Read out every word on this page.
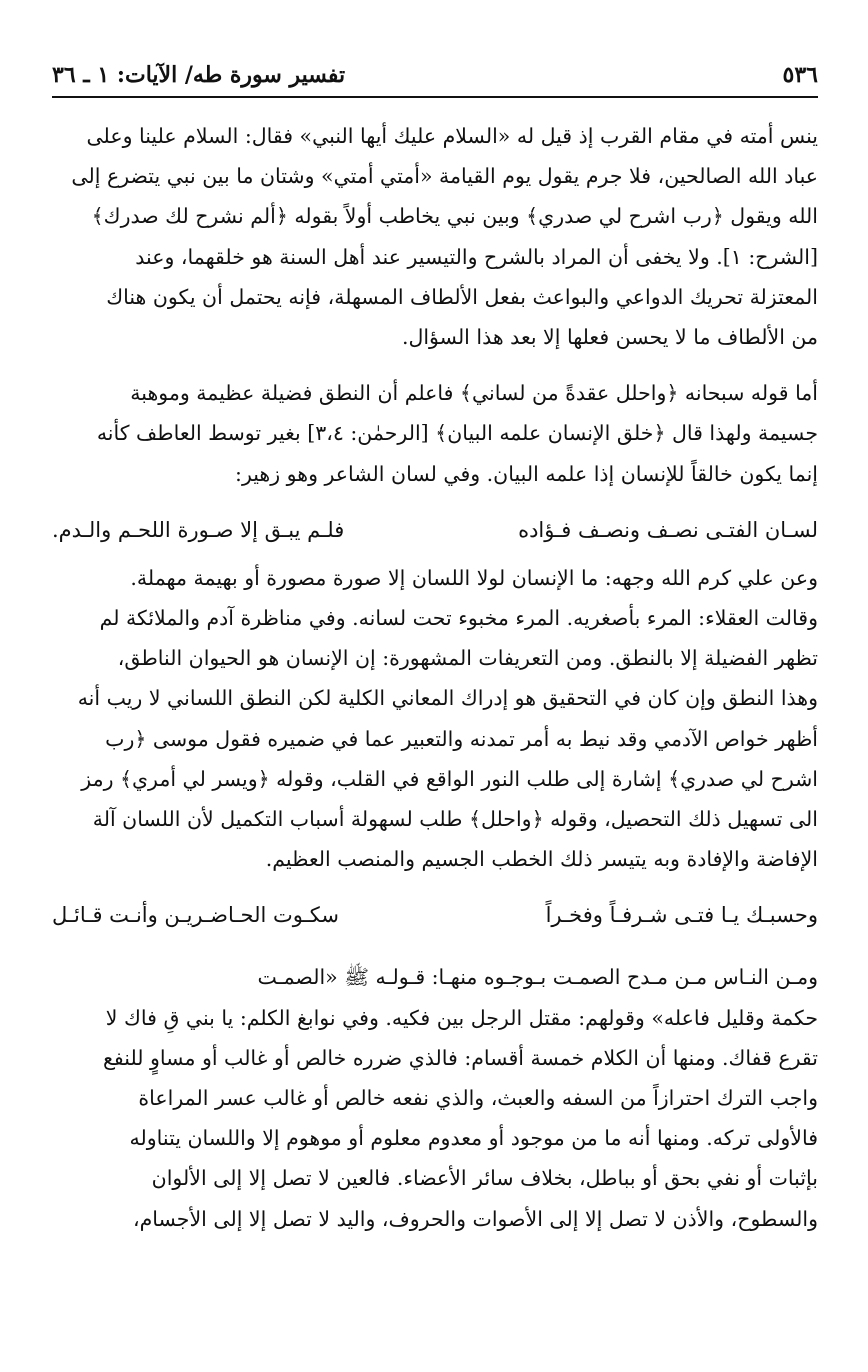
٥٣٦
تفسير سورة طه/ الآيات: ١ ـ ٣٦

ينس أمته في مقام القرب إذ قيل له «السلام عليك أيها النبي» فقال: السلام علينا وعلى

عباد الله الصالحين، فلا جرم يقول يوم القيامة «أمتي أمتي» وشتان ما بين نبي يتضرع إلى

الله ويقول ﴿رب اشرح لي صدري﴾ وبين نبي يخاطب أولاً بقوله ﴿ألم نشرح لك صدرك﴾

[الشرح: ١]. ولا يخفى أن المراد بالشرح والتيسير عند أهل السنة هو خلقهما، وعند

المعتزلة تحريك الدواعي والبواعث بفعل الألطاف المسهلة، فإنه يحتمل أن يكون هناك

من الألطاف ما لا يحسن فعلها إلا بعد هذا السؤال.

أما قوله سبحانه ﴿واحلل عقدةً من لساني﴾ فاعلم أن النطق فضيلة عظيمة وموهبة

جسيمة ولهذا قال ﴿خلق الإنسان علمه البيان﴾ [الرحمٰن: ٣،٤] بغير توسط العاطف كأنه

إنما يكون خالقاً للإنسان إذا علمه البيان. وفي لسان الشاعر وهو زهير:

لسـان الفتـى نصـف ونصـف فـؤاده
فلـم يبـق إلا صـورة اللحـم والـدم.

وعن علي كرم الله وجهه: ما الإنسان لولا اللسان إلا صورة مصورة أو بهيمة مهملة.

وقالت العقلاء: المرء بأصغريه. المرء مخبوء تحت لسانه. وفي مناظرة آدم والملائكة لم

تظهر الفضيلة إلا بالنطق. ومن التعريفات المشهورة: إن الإنسان هو الحيوان الناطق،

وهذا النطق وإن كان في التحقيق هو إدراك المعاني الكلية لكن النطق اللساني لا ريب أنه

أظهر خواص الآدمي وقد نيط به أمر تمدنه والتعبير عما في ضميره فقول موسى ﴿رب

اشرح لي صدري﴾ إشارة إلى طلب النور الواقع في القلب، وقوله ﴿ويسر لي أمري﴾ رمز

الى تسهيل ذلك التحصيل، وقوله ﴿واحلل﴾ طلب لسهولة أسباب التكميل لأن اللسان آلة

الإفاضة والإفادة وبه يتيسر ذلك الخطب الجسيم والمنصب العظيم.

وحسبـك يـا فتـى شـرفـاً وفخـراً
سكـوت الحـاضـريـن وأنـت قـائـل

ومـن النـاس مـن مـدح الصمـت بـوجـوه منهـا: قـولـه ﷺ «الصمـت

حكمة وقليل فاعله» وقولهم: مقتل الرجل بين فكيه. وفي نوابغ الكلم: يا بني قِ فاك لا

تقرع قفاك. ومنها أن الكلام خمسة أقسام: فالذي ضرره خالص أو غالب أو مساوٍ للنفع

واجب الترك احترازاً من السفه والعبث، والذي نفعه خالص أو غالب عسر المراعاة

فالأولى تركه. ومنها أنه ما من موجود أو معدوم معلوم أو موهوم إلا واللسان يتناوله

بإثبات أو نفي بحق أو بباطل، بخلاف سائر الأعضاء. فالعين لا تصل إلا إلى الألوان

والسطوح، والأذن لا تصل إلا إلى الأصوات والحروف، واليد لا تصل إلا إلى الأجسام،
